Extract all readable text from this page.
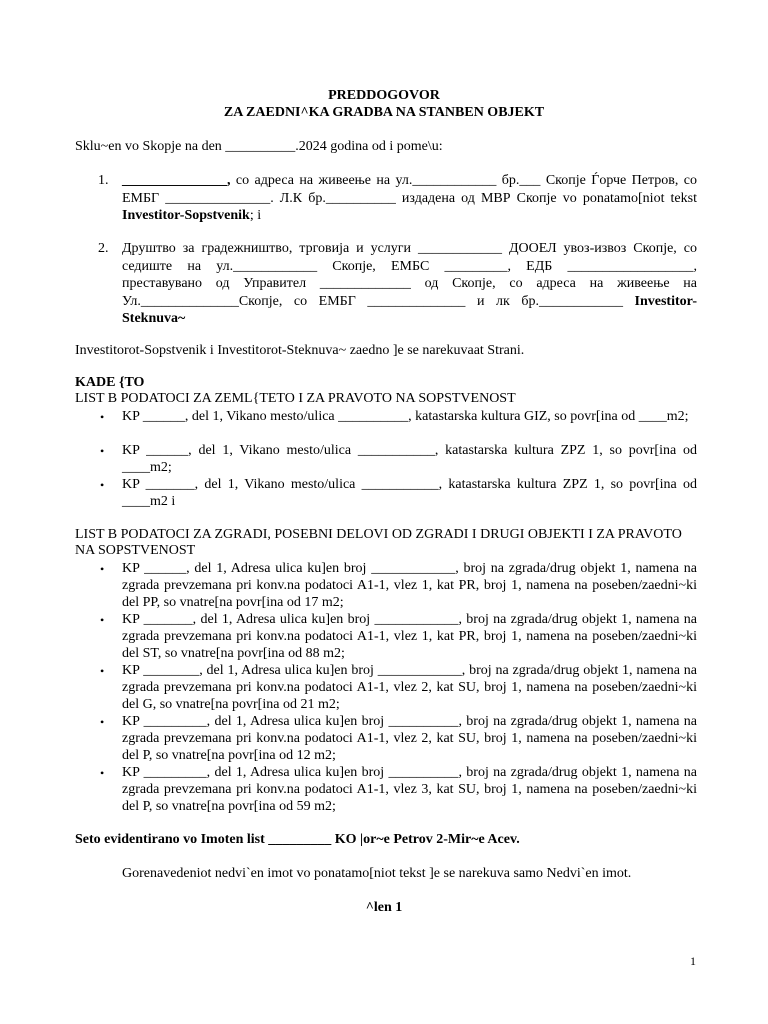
PREDDOGOVOR
ZA ZAEDNI^KA GRADBA NA STANBEN OBJEKT
Sklu~en vo Skopje na den __________.2024 godina od i pome\u:
1. _______________, со адреса на живеење на ул.____________ бр.___ Скопје Ѓорче Петров, со ЕМБГ _______________. Л.К бр.__________ издадена од МВР Скопје vo ponatamo[niot tekst Investitor-Sopstvenik; i
2. Друштво за градежништво, трговија и услуги ____________ ДООЕЛ увоз-извоз Скопје, со седиште на ул.____________ Скопје, ЕМБС _________, ЕДБ __________________, преставувано од Управител _____________ од Скопје, со адреса на живеење на Ул.______________Скопје, со ЕМБГ ______________ и лк бр.____________ Investitor-Steknuva~
Investitorot-Sopstvenik i Investitorot-Steknuva~ zaedno ]e se narekuvaat Strani.
KADE {TO
LIST B PODATOCI ZA ZEML{TETO I ZA PRAVOTO NA SOPSTVENOST
• KP ______, del 1, Vikano mesto/ulica __________, katastarska kultura GIZ, so povr[ina od ____m2;
• KP ______, del 1, Vikano mesto/ulica ___________, katastarska kultura ZPZ 1, so povr[ina od ____m2;
• KP _______, del 1, Vikano mesto/ulica ___________, katastarska kultura ZPZ 1, so povr[ina od ____m2 i
LIST B PODATOCI ZA ZGRADI, POSEBNI DELOVI OD ZGRADI I DRUGI OBJEKTI I ZA PRAVOTO
NA SOPSTVENOST
• KP ______, del 1, Adresa ulica ku]en broj ____________, broj na zgrada/drug objekt 1, namena na zgrada prevzemana pri konv.na podatoci A1-1, vlez 1, kat PR, broj 1, namena na poseben/zaedni~ki del PP, so vnatre[na povr[ina od 17 m2;
• KP _______, del 1, Adresa ulica ku]en broj ____________, broj na zgrada/drug objekt 1, namena na zgrada prevzemana pri konv.na podatoci A1-1, vlez 1, kat PR, broj 1, namena na poseben/zaedni~ki del ST, so vnatre[na povr[ina od 88 m2;
• KP ________, del 1, Adresa ulica ku]en broj ____________, broj na zgrada/drug objekt 1, namena na zgrada prevzemana pri konv.na podatoci A1-1, vlez 2, kat SU, broj 1, namena na poseben/zaedni~ki del G, so vnatre[na povr[ina od 21 m2;
• KP _________, del 1, Adresa ulica ku]en broj __________, broj na zgrada/drug objekt 1, namena na zgrada prevzemana pri konv.na podatoci A1-1, vlez 2, kat SU, broj 1, namena na poseben/zaedni~ki del P, so vnatre[na povr[ina od 12 m2;
• KP _________, del 1, Adresa ulica ku]en broj __________, broj na zgrada/drug objekt 1, namena na zgrada prevzemana pri konv.na podatoci A1-1, vlez 3, kat SU, broj 1, namena na poseben/zaedni~ki del P, so vnatre[na povr[ina od 59 m2;
Seto evidentirano vo Imoten list _________ KO |or~e Petrov 2-Mir~e Acev.
Gorenavedeniot nedvi`en imot vo ponatamo[niot tekst ]e se narekuva samo Nedvi`en imot.
^len 1
1
